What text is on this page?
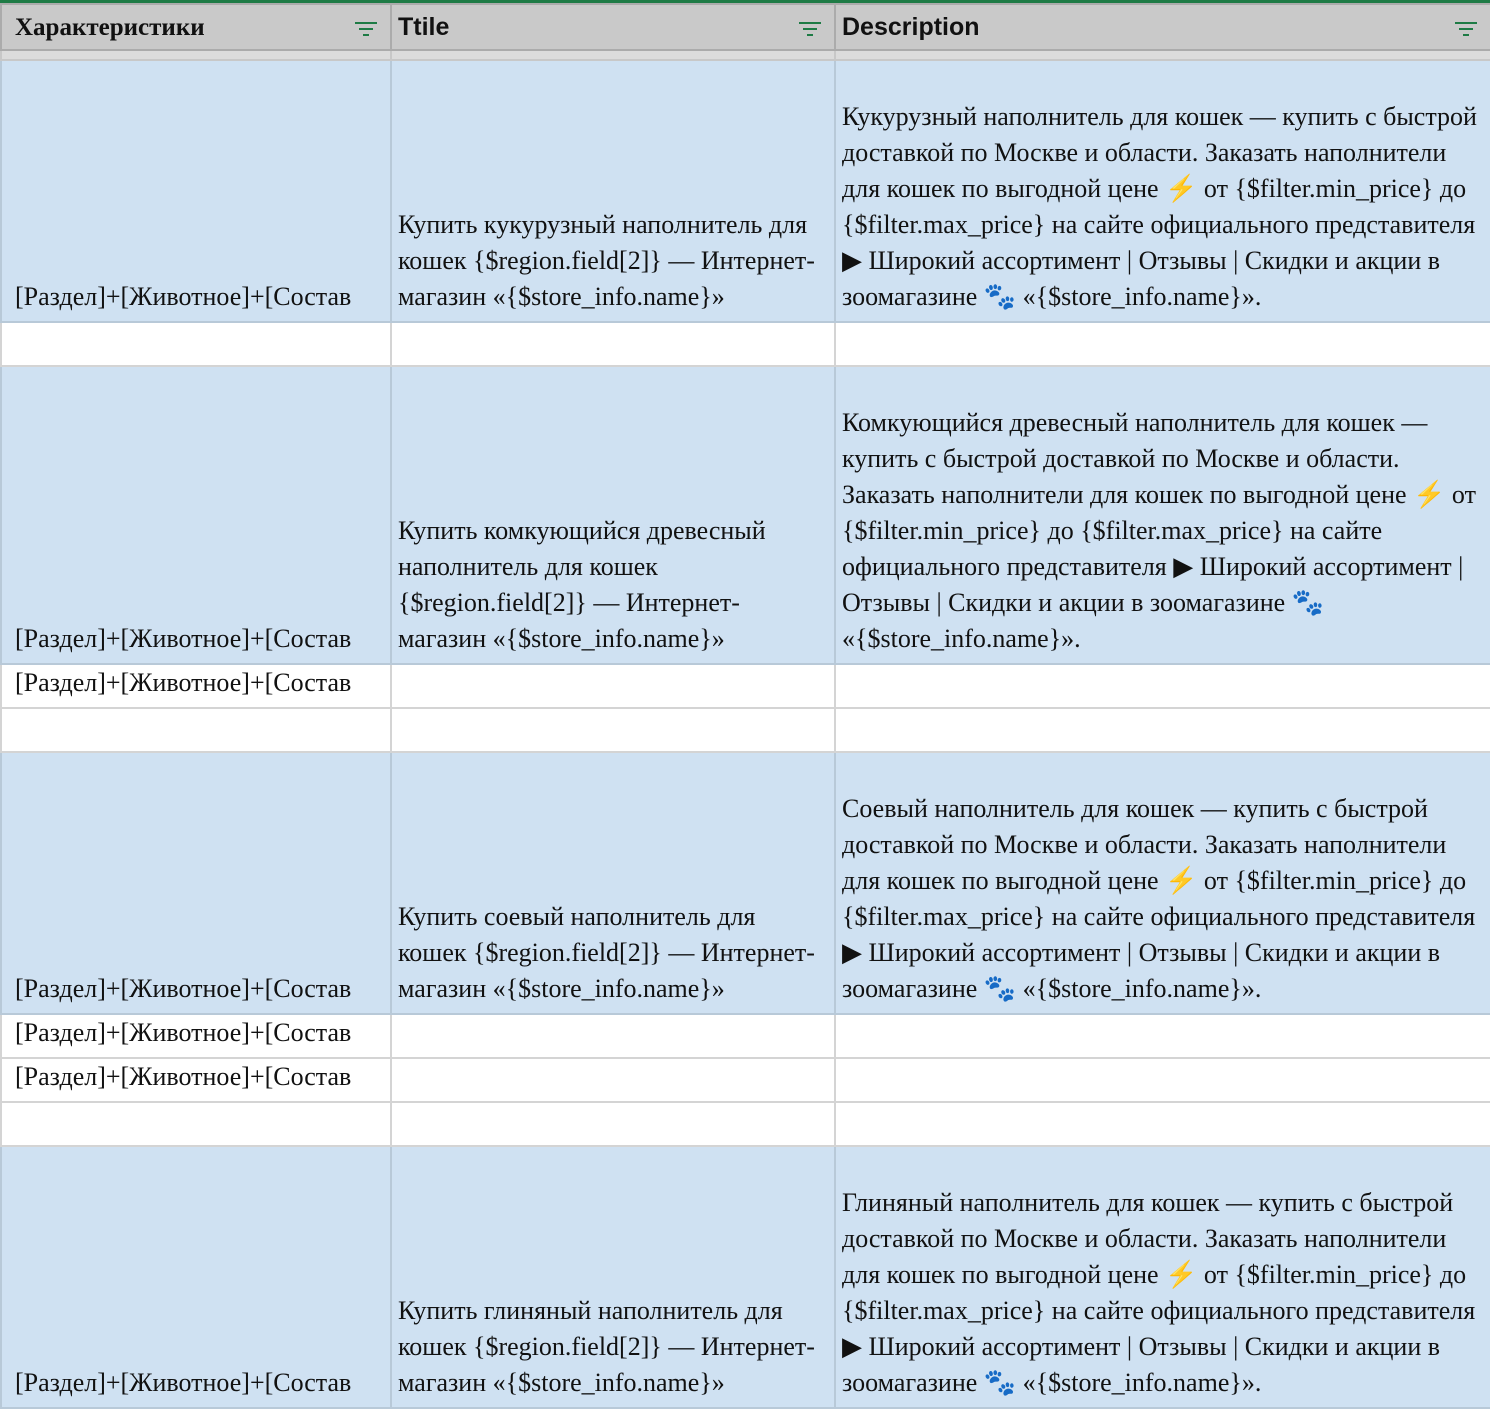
Характеристики	Ttile	Description

[Раздел]+[Животное]+[Состав	Купить кукурузный наполнитель для кошек {$region.field[2]} — Интернет-магазин «{$store_info.name}»	Кукурузный наполнитель для кошек — купить с быстрой доставкой по Москве и области. Заказать наполнители для кошек по выгодной цене ⚡ от {$filter.min_price} до {$filter.max_price} на сайте официального представителя ▶ Широкий ассортимент | Отзывы | Скидки и акции в зоомагазине 🐾 «{$store_info.name}».

[Раздел]+[Животное]+[Состав	Купить комкующийся древесный наполнитель для кошек {$region.field[2]} — Интернет-магазин «{$store_info.name}»	Комкующийся древесный наполнитель для кошек — купить с быстрой доставкой по Москве и области. Заказать наполнители для кошек по выгодной цене ⚡ от {$filter.min_price} до {$filter.max_price} на сайте официального представителя ▶ Широкий ассортимент | Отзывы | Скидки и акции в зоомагазине 🐾 «{$store_info.name}».
[Раздел]+[Животное]+[Состав		

[Раздел]+[Животное]+[Состав	Купить соевый наполнитель для кошек {$region.field[2]} — Интернет-магазин «{$store_info.name}»	Соевый наполнитель для кошек — купить с быстрой доставкой по Москве и области. Заказать наполнители для кошек по выгодной цене ⚡ от {$filter.min_price} до {$filter.max_price} на сайте официального представителя ▶ Широкий ассортимент | Отзывы | Скидки и акции в зоомагазине 🐾 «{$store_info.name}».
[Раздел]+[Животное]+[Состав		
[Раздел]+[Животное]+[Состав		

[Раздел]+[Животное]+[Состав	Купить глиняный наполнитель для кошек {$region.field[2]} — Интернет-магазин «{$store_info.name}»	Глиняный наполнитель для кошек — купить с быстрой доставкой по Москве и области. Заказать наполнители для кошек по выгодной цене ⚡ от {$filter.min_price} до {$filter.max_price} на сайте официального представителя ▶ Широкий ассортимент | Отзывы | Скидки и акции в зоомагазине 🐾 «{$store_info.name}».
